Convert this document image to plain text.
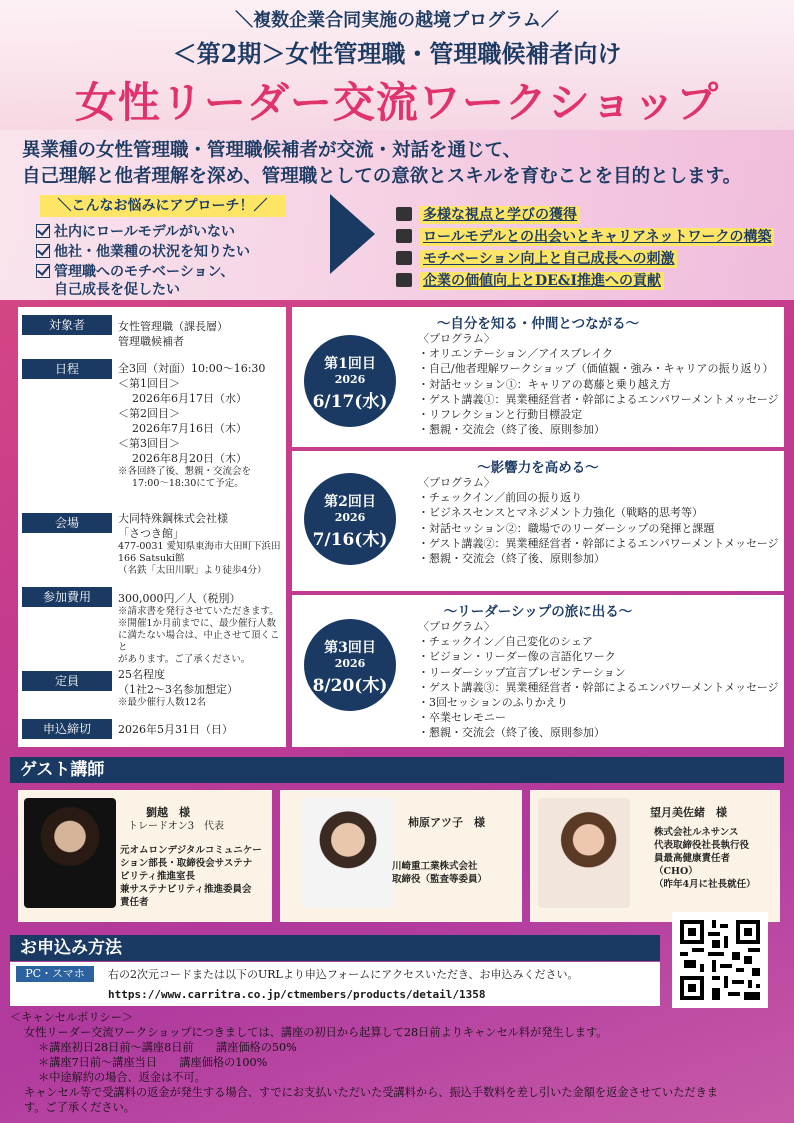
＼複数企業合同実施の越境プログラム／
＜第2期＞女性管理職・管理職候補者向け
女性リーダー交流ワークショップ
異業種の女性管理職・管理職候補者が交流・対話を通じて、
自己理解と他者理解を深め、管理職としての意欲とスキルを育むことを目的とします。
＼こんなお悩みにアプローチ！／
社内にロールモデルがいない
他社・他業種の状況を知りたい
管理職へのモチベーション、
自己成長を促したい
多様な視点と学びの獲得
ロールモデルとの出会いとキャリアネットワークの構築
モチベーション向上と自己成長への刺激
企業の価値向上とDE&I推進への貢献
対象者	女性管理職（課長層）
管理職候補者
日程	全3回（対面）10:00～16:30
＜第1回目＞
2026年6月17日（水）
＜第2回目＞
2026年7月16日（木）
＜第3回目＞
2026年8月20日（木）
※各回終了後、懇親・交流会を
17:00～18:30にて予定。
会場	大同特殊鋼株式会社様
「さつき館」
477-0031 愛知県東海市大田町下浜田
166 Satsuki館
（名鉄「太田川駅」より徒歩4分）
参加費用	300,000円／人（税別）
※請求書を発行させていただきます。
※開催1か月前までに、最少催行人数
に満たない場合は、中止させて頂くこと
があります。ご了承ください。
定員	25名程度
（1社2～3名参加想定）
※最少催行人数12名
申込締切	2026年5月31日（日）
～自分を知る・仲間とつながる～
第1回目
2026
6/17(水)
〈プログラム〉
・オリエンテーション／アイスブレイク
・自己/他者理解ワークショップ（価値観・強み・キャリアの振り返り）
・対話セッション①：キャリアの葛藤と乗り越え方
・ゲスト講義①：異業種経営者・幹部によるエンパワーメントメッセージ
・リフレクションと行動目標設定
・懇親・交流会（終了後、原則参加）
～影響力を高める～
第2回目
2026
7/16(木)
〈プログラム〉
・チェックイン／前回の振り返り
・ビジネスセンスとマネジメント力強化（戦略的思考等）
・対話セッション②：職場でのリーダーシップの発揮と課題
・ゲスト講義②：異業種経営者・幹部によるエンパワーメントメッセージ
・懇親・交流会（終了後、原則参加）
～リーダーシップの旅に出る～
第3回目
2026
8/20(木)
〈プログラム〉
・チェックイン／自己変化のシェア
・ビジョン・リーダー像の言語化ワーク
・リーダーシップ宣言プレゼンテーション
・ゲスト講義③：異業種経営者・幹部によるエンパワーメントメッセージ
・3回セッションのふりかえり
・卒業セレモニー
・懇親・交流会（終了後、原則参加）
ゲスト講師
劉越　様
トレードオン3　代表
元オムロンデジタルコミュニケー
ション部長・取締役会サステナ
ビリティ推進室長
兼サステナビリティ推進委員会
責任者
柿原アツ子　様
川崎重工業株式会社
取締役（監査等委員）
望月美佐緒　様
株式会社ルネサンス
代表取締役社長執行役
員最高健康責任者
（CHO）
（昨年4月に社長就任）
お申込み方法
PC・スマホ	右の2次元コードまたは以下のURLより申込フォームにアクセスいただき、お申込みください。
https://www.carritra.co.jp/ctmembers/products/detail/1358
＜キャンセルポリシー＞
女性リーダー交流ワークショップにつきましては、講座の初日から起算して28日前よりキャンセル料が発生します。
＊講座初日28日前～講座8日前　　講座価格の50%
＊講座7日前～講座当日　　講座価格の100%
＊中途解約の場合、返金は不可。
キャンセル等で受講料の返金が発生する場合、すでにお支払いただいた受講料から、振込手数料を差し引いた金額を返金させていただきま
す。ご了承ください。
